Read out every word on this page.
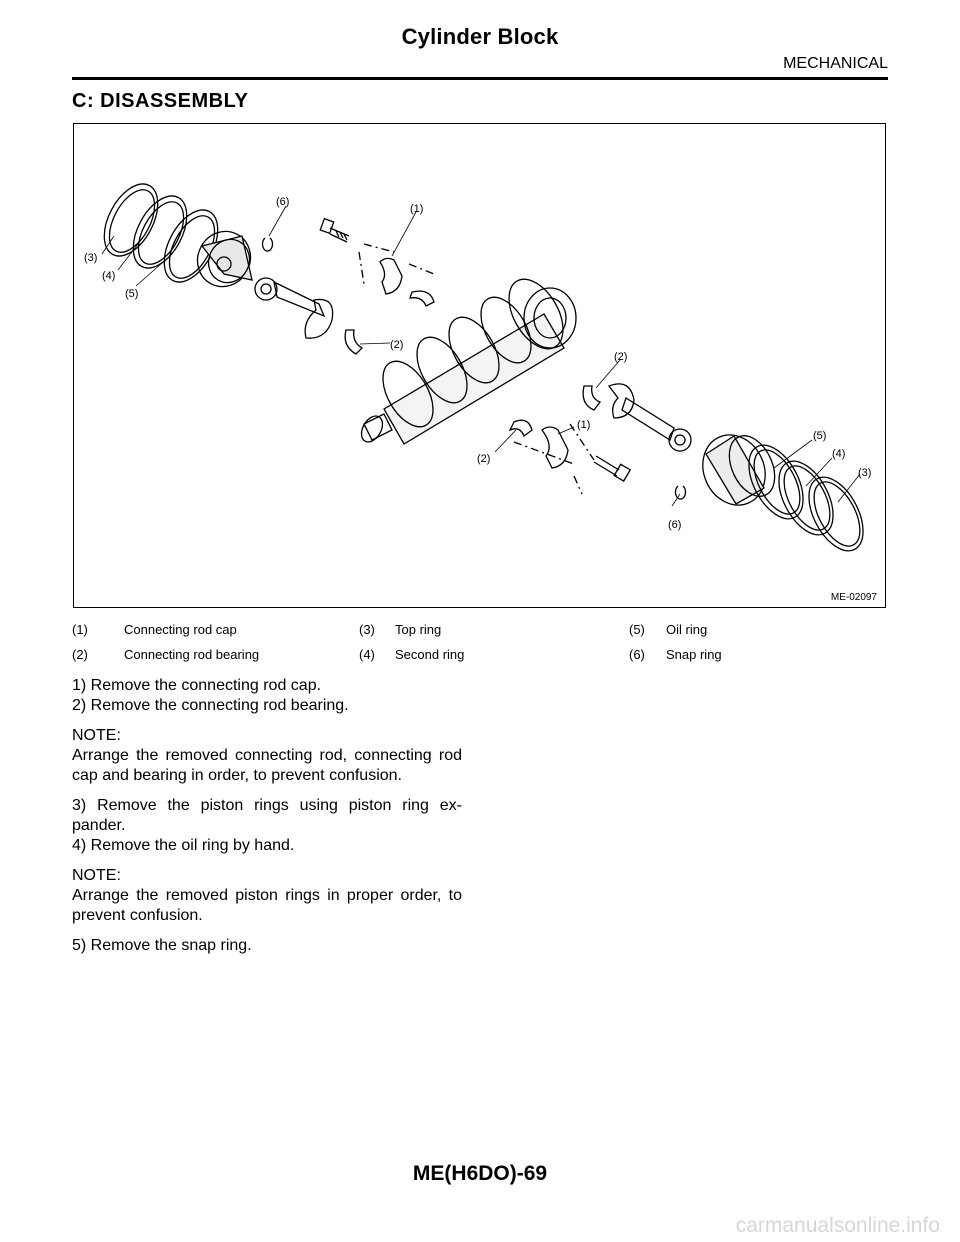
Cylinder Block
MECHANICAL
C: DISASSEMBLY
(3)
(4)
(5)
(6)
(1)
(2)
(2)
(1)
(2)
(6)
(5)
(4)
(3)
ME-02097
(1)	Connecting rod cap	(3) Top ring	(5) Oil ring
(2)	Connecting rod bearing	(4) Second ring	(6) Snap ring

1) Remove the connecting rod cap.

2) Remove the connecting rod bearing.

NOTE:

Arrange the removed connecting rod, connecting rod cap and bearing in order, to prevent confusion.

3) Remove the piston rings using piston ring ex-pander.

4) Remove the oil ring by hand.

NOTE:

Arrange the removed piston rings in proper order, to prevent confusion.

5) Remove the snap ring.

ME(H6DO)-69
carmanualsonline.info
